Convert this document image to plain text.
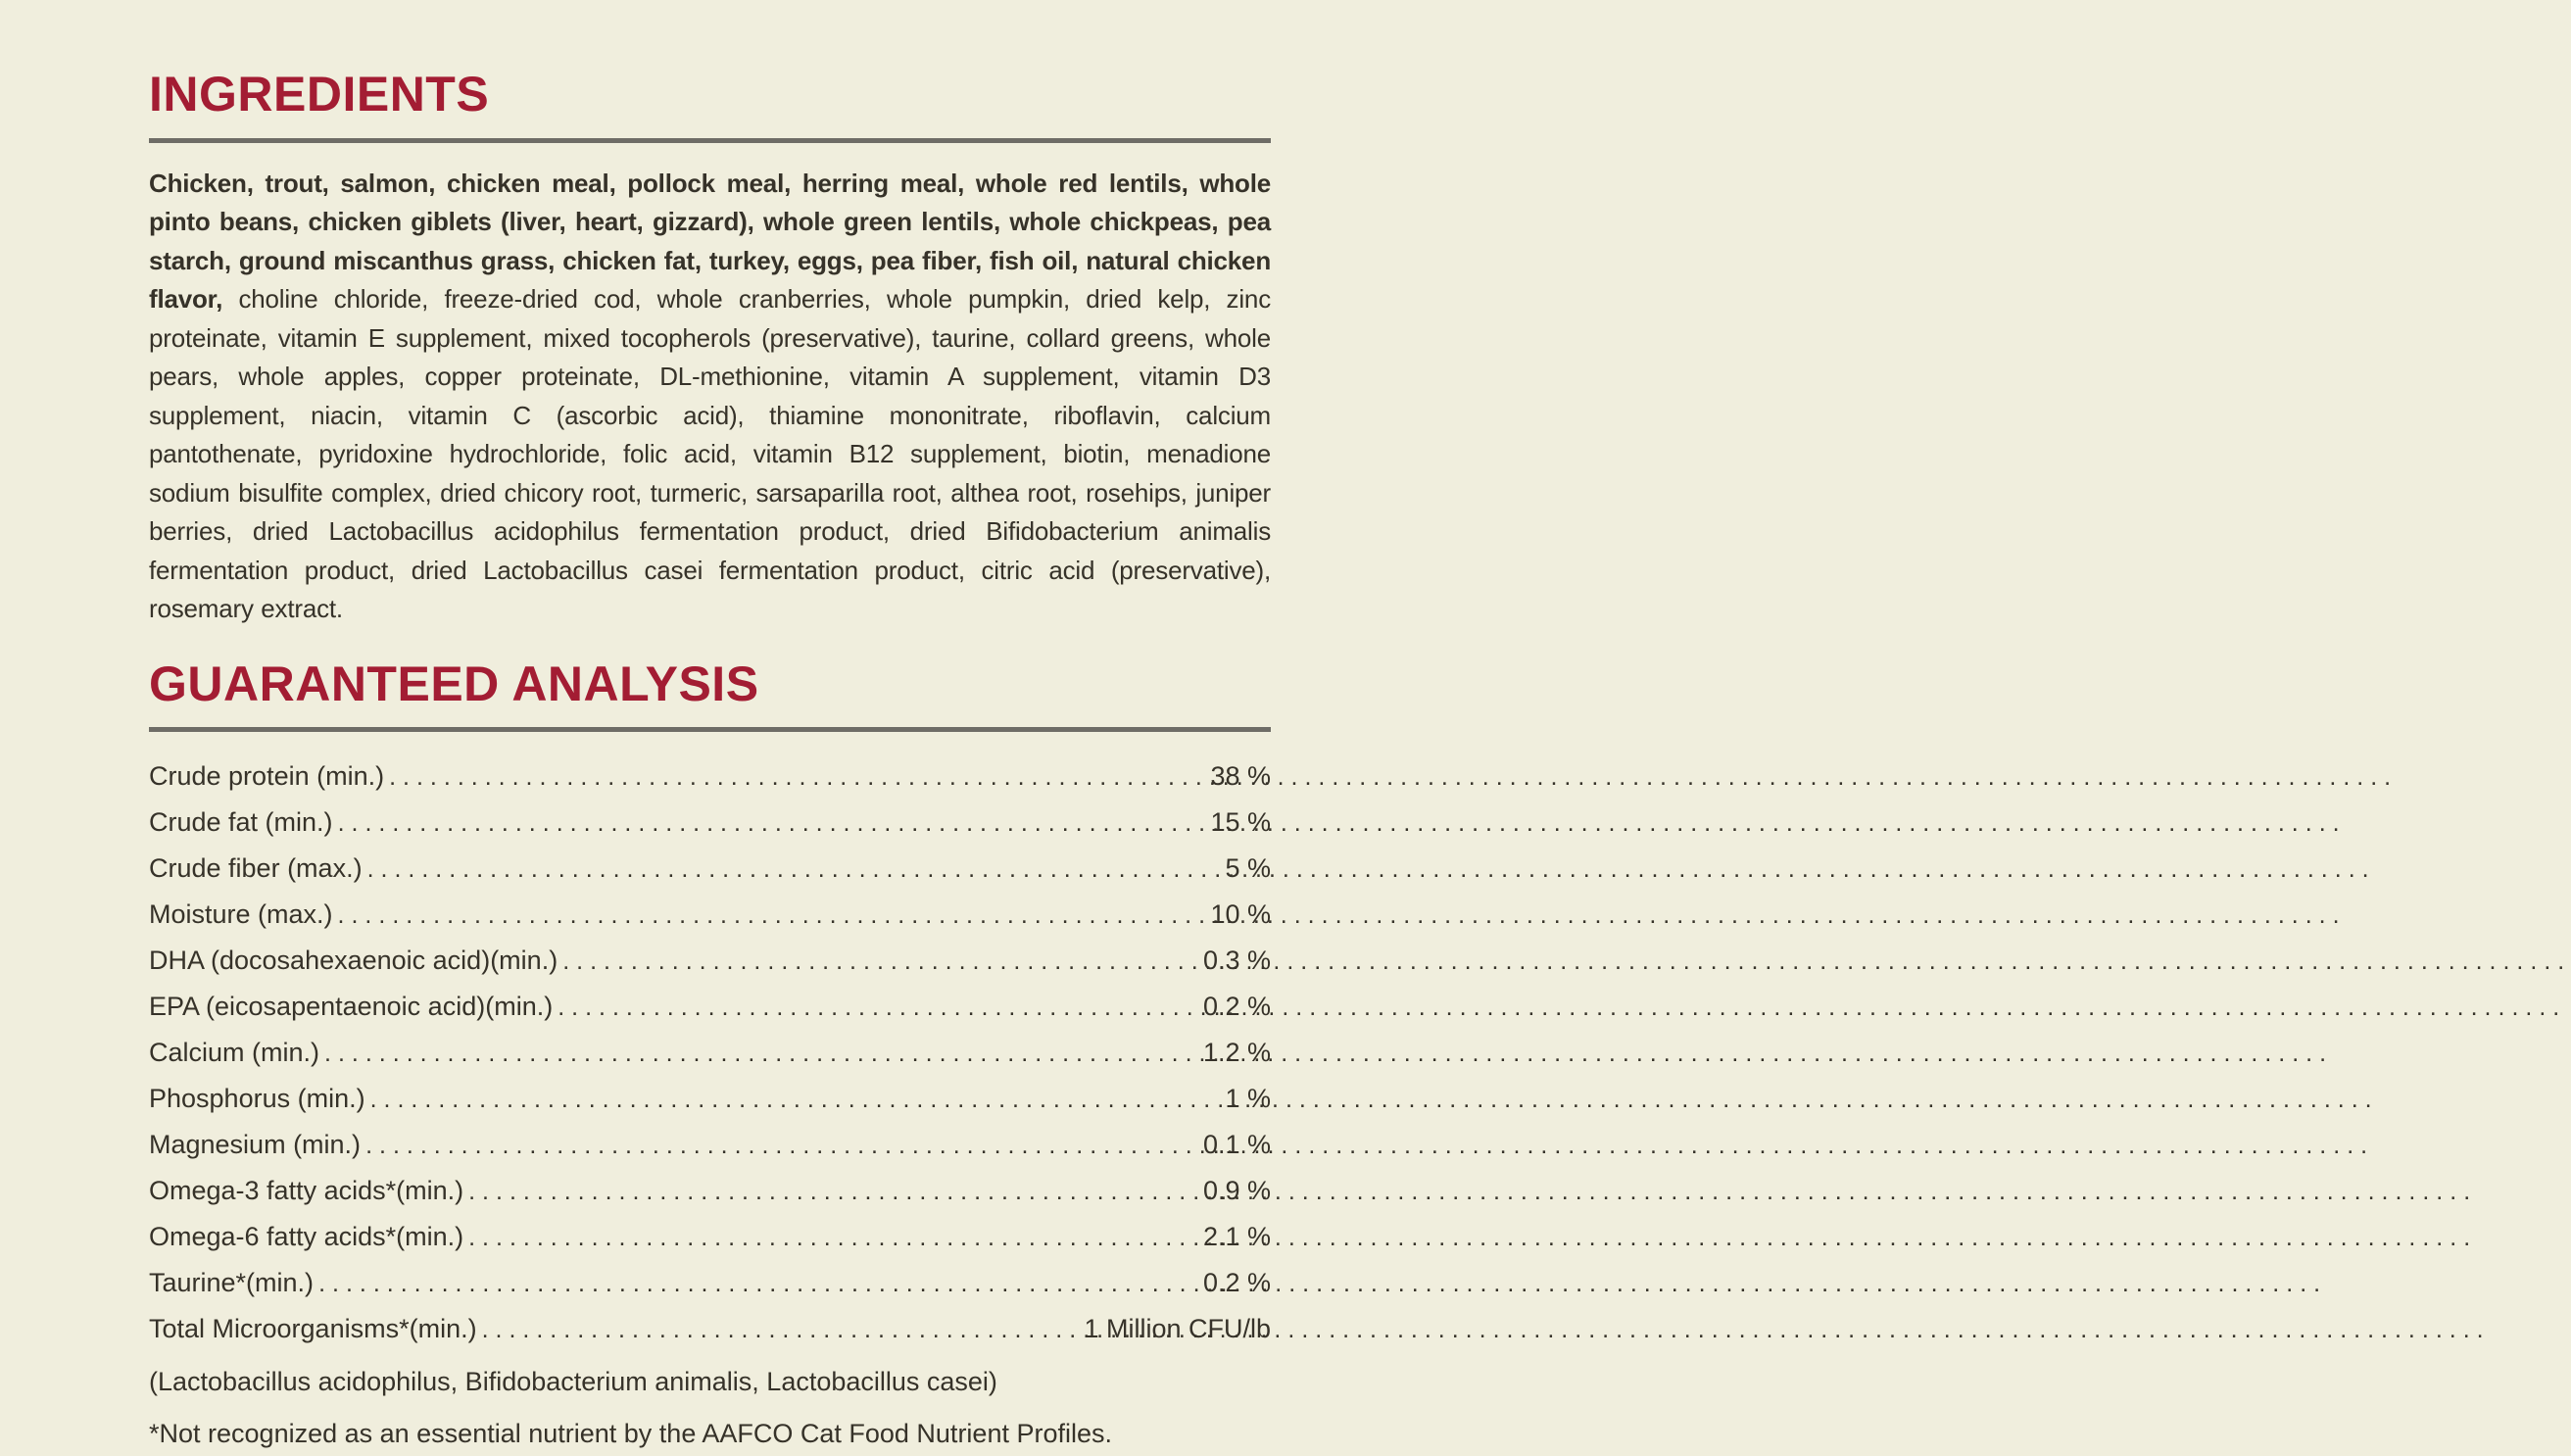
INGREDIENTS

Chicken, trout, salmon, chicken meal, pollock meal, herring meal, whole red lentils, whole pinto beans, chicken giblets (liver, heart, gizzard), whole green lentils, whole chickpeas, pea starch, ground miscanthus grass, chicken fat, turkey, eggs, pea fiber, fish oil, natural chicken flavor, choline chloride, freeze-dried cod, whole cranberries, whole pumpkin, dried kelp, zinc proteinate, vitamin E supplement, mixed tocopherols (preservative), taurine, collard greens, whole pears, whole apples, copper proteinate, DL-methionine, vitamin A supplement, vitamin D3 supplement, niacin, vitamin C (ascorbic acid), thiamine mononitrate, riboflavin, calcium pantothenate, pyridoxine hydrochloride, folic acid, vitamin B12 supplement, biotin, menadione sodium bisulfite complex, dried chicory root, turmeric, sarsaparilla root, althea root, rosehips, juniper berries, dried Lactobacillus acidophilus fermentation product, dried Bifidobacterium animalis fermentation product, dried Lactobacillus casei fermentation product, citric acid (preservative), rosemary extract.

GUARANTEED ANALYSIS
Crude protein (min.) .....	38 %
Crude fat (min.) .....	15 %
Crude fiber (max.) .....	5 %
Moisture (max.) .....	10 %
DHA (docosahexaenoic acid)(min.) .....	0.3 %
EPA (eicosapentaenoic acid)(min.) .....	0.2 %
Calcium (min.) .....	1.2 %
Phosphorus (min.) .....	1 %
Magnesium (min.) .....	0.1 %
Omega-3 fatty acids*(min.) .....	0.9 %
Omega-6 fatty acids*(min.) .....	2.1 %
Taurine*(min.) .....	0.2 %
Total Microorganisms*(min.) .....	1 Million CFU/lb

(Lactobacillus acidophilus, Bifidobacterium animalis, Lactobacillus casei)

*Not recognized as an essential nutrient by the AAFCO Cat Food Nutrient Profiles.
